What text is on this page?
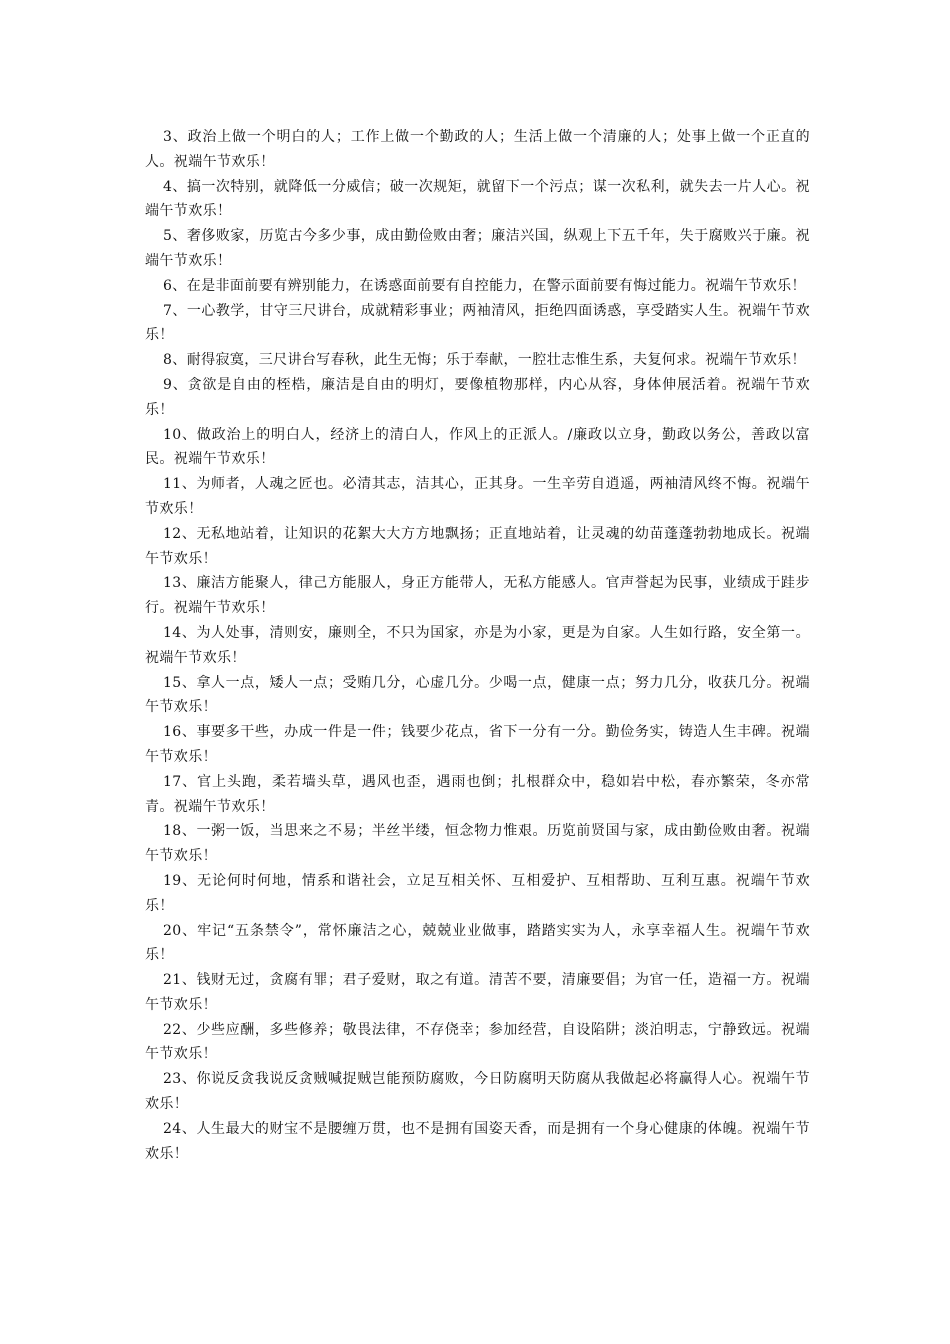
3、政治上做一个明白的人；工作上做一个勤政的人；生活上做一个清廉的人；处事上做一个正直的人。祝端午节欢乐！

4、搞一次特别，就降低一分威信；破一次规矩，就留下一个污点；谋一次私利，就失去一片人心。祝端午节欢乐！

5、奢侈败家，历览古今多少事，成由勤俭败由奢；廉洁兴国，纵观上下五千年，失于腐败兴于廉。祝端午节欢乐！

6、在是非面前要有辨别能力，在诱惑面前要有自控能力，在警示面前要有悔过能力。祝端午节欢乐！

7、一心教学，甘守三尺讲台，成就精彩事业；两袖清风，拒绝四面诱惑，享受踏实人生。祝端午节欢乐！

8、耐得寂寞，三尺讲台写春秋，此生无悔；乐于奉献，一腔壮志惟生系，夫复何求。祝端午节欢乐！

9、贪欲是自由的桎梏，廉洁是自由的明灯，要像植物那样，内心从容，身体伸展活着。祝端午节欢乐！

10、做政治上的明白人，经济上的清白人，作风上的正派人。/廉政以立身，勤政以务公，善政以富民。祝端午节欢乐！

11、为师者，人魂之匠也。必清其志，洁其心，正其身。一生辛劳自逍遥，两袖清风终不悔。祝端午节欢乐！

12、无私地站着，让知识的花絮大大方方地飘扬；正直地站着，让灵魂的幼苗蓬蓬勃勃地成长。祝端午节欢乐！

13、廉洁方能聚人，律己方能服人，身正方能带人，无私方能感人。官声誉起为民事，业绩成于跬步行。祝端午节欢乐！

14、为人处事，清则安，廉则全，不只为国家，亦是为小家，更是为自家。人生如行路，安全第一。祝端午节欢乐！

15、拿人一点，矮人一点；受贿几分，心虚几分。少喝一点，健康一点；努力几分，收获几分。祝端午节欢乐！

16、事要多干些，办成一件是一件；钱要少花点，省下一分有一分。勤俭务实，铸造人生丰碑。祝端午节欢乐！

17、官上头跑，柔若墙头草，遇风也歪，遇雨也倒；扎根群众中，稳如岩中松，春亦繁荣，冬亦常青。祝端午节欢乐！

18、一粥一饭，当思来之不易；半丝半缕，恒念物力惟艰。历览前贤国与家，成由勤俭败由奢。祝端午节欢乐！

19、无论何时何地，情系和谐社会，立足互相关怀、互相爱护、互相帮助、互利互惠。祝端午节欢乐！

20、牢记“五条禁令”，常怀廉洁之心，兢兢业业做事，踏踏实实为人，永享幸福人生。祝端午节欢乐！

21、钱财无过，贪腐有罪；君子爱财，取之有道。清苦不要，清廉要倡；为官一任，造福一方。祝端午节欢乐！

22、少些应酬，多些修养；敬畏法律，不存侥幸；参加经营，自设陷阱；淡泊明志，宁静致远。祝端午节欢乐！

23、你说反贪我说反贪贼喊捉贼岂能预防腐败，今日防腐明天防腐从我做起必将赢得人心。祝端午节欢乐！

24、人生最大的财宝不是腰缠万贯，也不是拥有国姿天香，而是拥有一个身心健康的体魄。祝端午节欢乐！
